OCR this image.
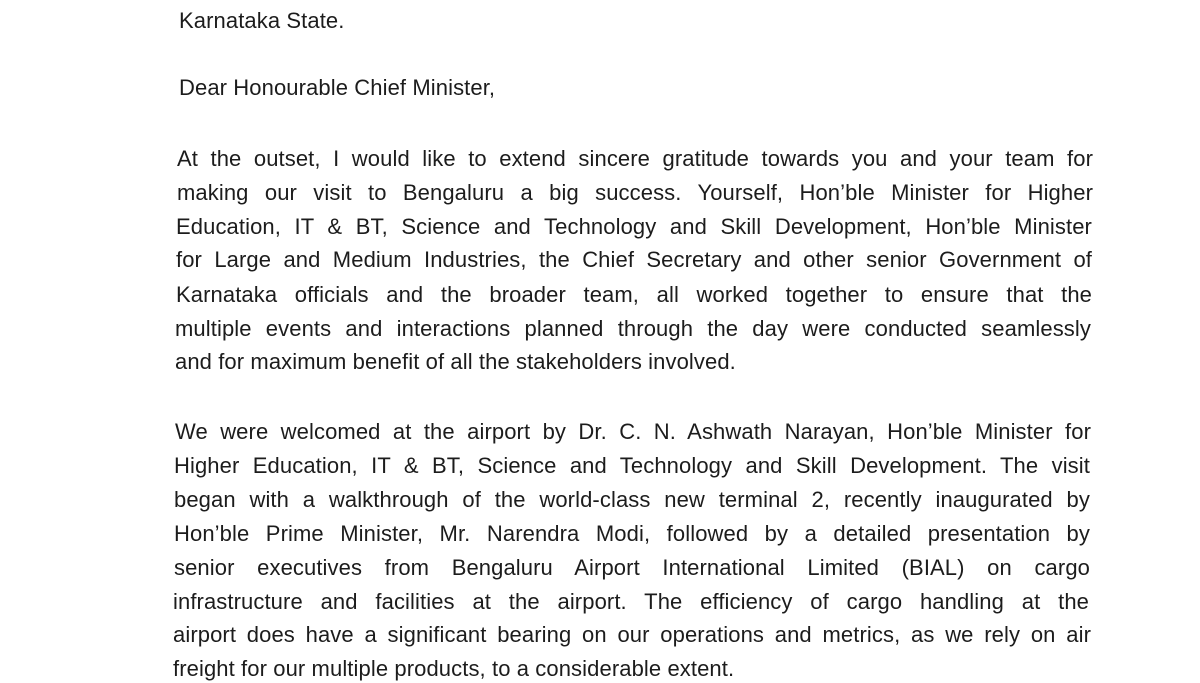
Karnataka State.
Dear Honourable Chief Minister,
At the outset, I would like to extend sincere gratitude towards you and your team for
making our visit to Bengaluru a big success. Yourself, Hon’ble Minister for Higher
Education, IT & BT, Science and Technology and Skill Development, Hon’ble Minister
for Large and Medium Industries, the Chief Secretary and other senior Government of
Karnataka officials and the broader team, all worked together to ensure that the
multiple events and interactions planned through the day were conducted seamlessly
and for maximum benefit of all the stakeholders involved.
We were welcomed at the airport by Dr. C. N. Ashwath Narayan, Hon’ble Minister for
Higher Education, IT & BT, Science and Technology and Skill Development. The visit
began with a walkthrough of the world-class new terminal 2, recently inaugurated by
Hon’ble Prime Minister, Mr. Narendra Modi, followed by a detailed presentation by
senior executives from Bengaluru Airport International Limited (BIAL) on cargo
infrastructure and facilities at the airport. The efficiency of cargo handling at the
airport does have a significant bearing on our operations and metrics, as we rely on air
freight for our multiple products, to a considerable extent.
